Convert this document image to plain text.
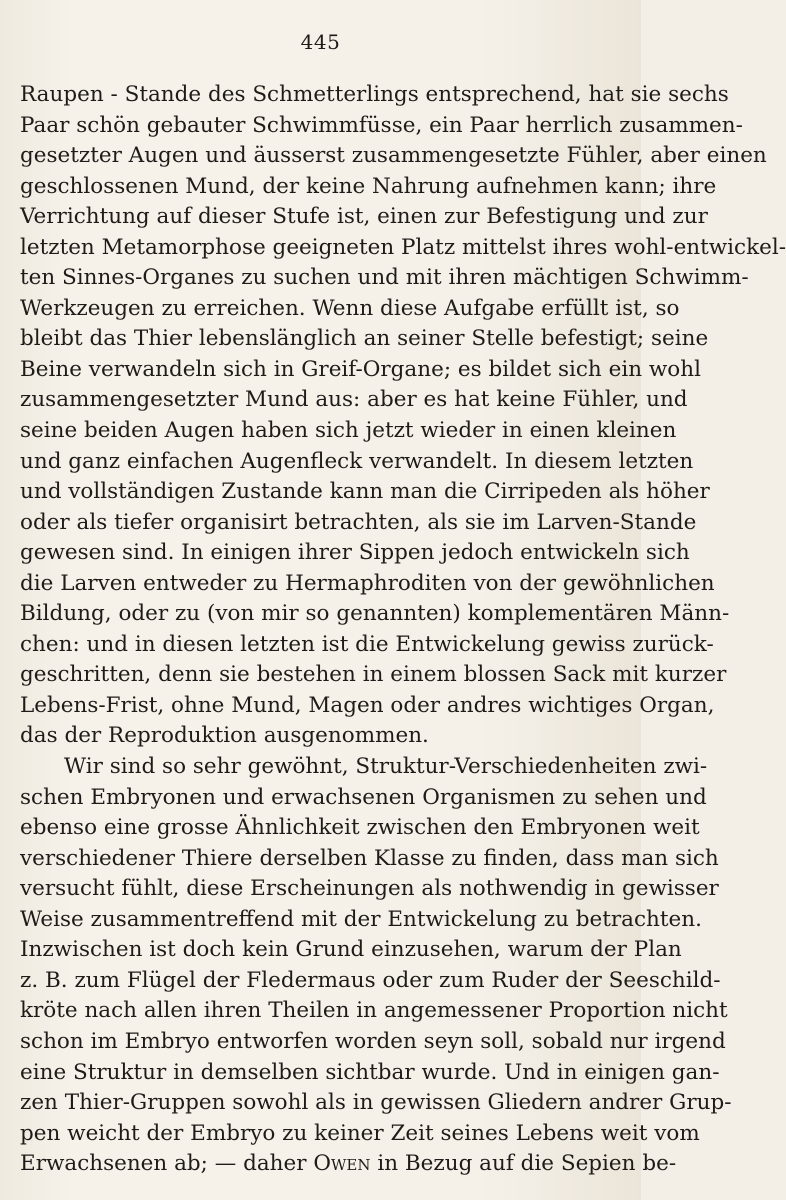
445
Raupen - Stande des Schmetterlings entsprechend, hat sie sechs
Paar schön gebauter Schwimmfüsse, ein Paar herrlich zusammen-
gesetzter Augen und äusserst zusammengesetzte Fühler, aber einen
geschlossenen Mund, der keine Nahrung aufnehmen kann; ihre
Verrichtung auf dieser Stufe ist, einen zur Befestigung und zur
letzten Metamorphose geeigneten Platz mittelst ihres wohl-entwickel-
ten Sinnes-Organes zu suchen und mit ihren mächtigen Schwimm-
Werkzeugen zu erreichen. Wenn diese Aufgabe erfüllt ist, so
bleibt das Thier lebenslänglich an seiner Stelle befestigt; seine
Beine verwandeln sich in Greif-Organe; es bildet sich ein wohl
zusammengesetzter Mund aus: aber es hat keine Fühler, und
seine beiden Augen haben sich jetzt wieder in einen kleinen
und ganz einfachen Augenfleck verwandelt. In diesem letzten
und vollständigen Zustande kann man die Cirripeden als höher
oder als tiefer organisirt betrachten, als sie im Larven-Stande
gewesen sind. In einigen ihrer Sippen jedoch entwickeln sich
die Larven entweder zu Hermaphroditen von der gewöhnlichen
Bildung, oder zu (von mir so genannten) komplementären Männ-
chen: und in diesen letzten ist die Entwickelung gewiss zurück-
geschritten, denn sie bestehen in einem blossen Sack mit kurzer
Lebens-Frist, ohne Mund, Magen oder andres wichtiges Organ,
das der Reproduktion ausgenommen.
Wir sind so sehr gewöhnt, Struktur-Verschiedenheiten zwi-
schen Embryonen und erwachsenen Organismen zu sehen und
ebenso eine grosse Ähnlichkeit zwischen den Embryonen weit
verschiedener Thiere derselben Klasse zu finden, dass man sich
versucht fühlt, diese Erscheinungen als nothwendig in gewisser
Weise zusammentreffend mit der Entwickelung zu betrachten.
Inzwischen ist doch kein Grund einzusehen, warum der Plan
z. B. zum Flügel der Fledermaus oder zum Ruder der Seeschild-
kröte nach allen ihren Theilen in angemessener Proportion nicht
schon im Embryo entworfen worden seyn soll, sobald nur irgend
eine Struktur in demselben sichtbar wurde. Und in einigen gan-
zen Thier-Gruppen sowohl als in gewissen Gliedern andrer Grup-
pen weicht der Embryo zu keiner Zeit seines Lebens weit vom
Erwachsenen ab; — daher Owen in Bezug auf die Sepien be-
